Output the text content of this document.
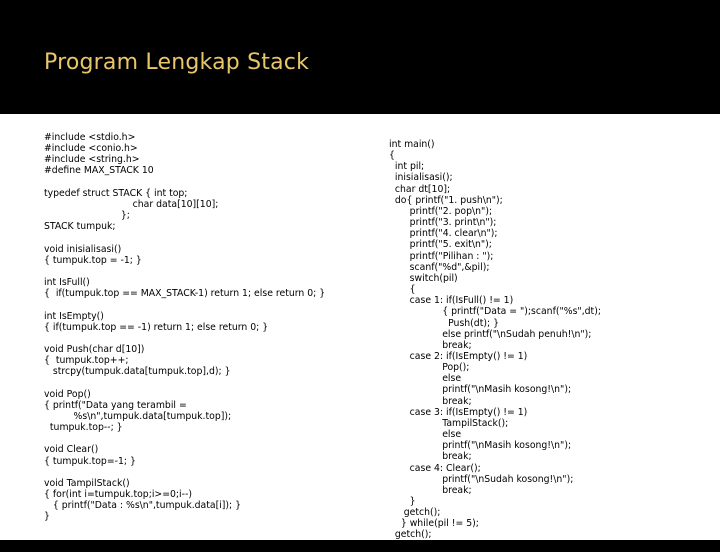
Program Lengkap Stack
#include <stdio.h>
#include <conio.h>
#include <string.h>
#define MAX_STACK 10

typedef struct STACK { int top;
char data[10][10];
};
STACK tumpuk;

void inisialisasi()
{ tumpuk.top = -1; }

int IsFull()
{  if(tumpuk.top == MAX_STACK-1) return 1; else return 0; }

int IsEmpty()
{ if(tumpuk.top == -1) return 1; else return 0; }

void Push(char d[10])
{  tumpuk.top++;
strcpy(tumpuk.data[tumpuk.top],d); }

void Pop()
{ printf("Data yang terambil =
%s\n",tumpuk.data[tumpuk.top]);
tumpuk.top--; }

void Clear()
{ tumpuk.top=-1; }

void TampilStack()
{ for(int i=tumpuk.top;i>=0;i--)
{ printf("Data : %s\n",tumpuk.data[i]); }
}
int main()
{
int pil;
inisialisasi();
char dt[10];
do{ printf("1. push\n");
printf("2. pop\n");
printf("3. print\n");
printf("4. clear\n");
printf("5. exit\n");
printf("Pilihan : ");
scanf("%d",&pil);
switch(pil)
{
case 1: if(IsFull() != 1)
{ printf("Data = ");scanf("%s",dt);
Push(dt); }
else printf("\nSudah penuh!\n");
break;
case 2: if(IsEmpty() != 1)
Pop();
else
printf("\nMasih kosong!\n");
break;
case 3: if(IsEmpty() != 1)
TampilStack();
else
printf("\nMasih kosong!\n");
break;
case 4: Clear();
printf("\nSudah kosong!\n");
break;
}
getch();
} while(pil != 5);
getch();
}
